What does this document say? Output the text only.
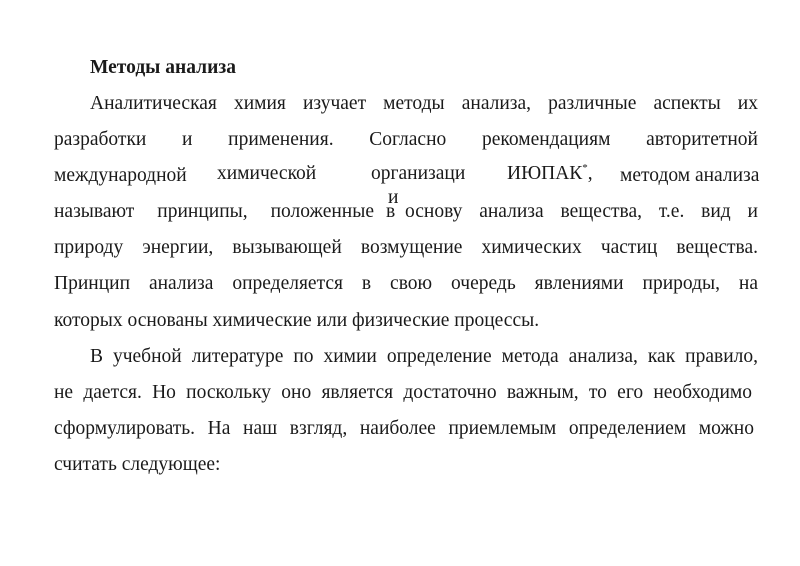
Методы анализа
Аналитическая химия изучает методы анализа, различные аспекты их
разработки и применения. Согласно рекомендациям авторитетной
международной химической	организаци ИЮПАК*, методом анализа
и
называют принципы, положенные в основу анализа вещества, т.е. вид и
природу энергии, вызывающей возмущение химических частиц вещества.
Принцип анализа определяется в свою очередь явлениями природы, на
которых основаны химические или физические процессы.
В учебной литературе по химии определение метода анализа, как правило,
не дается. Но поскольку оно является достаточно важным, то его необходимо
сформулировать. На наш взгляд, наиболее приемлемым определением можно
считать следующее:
